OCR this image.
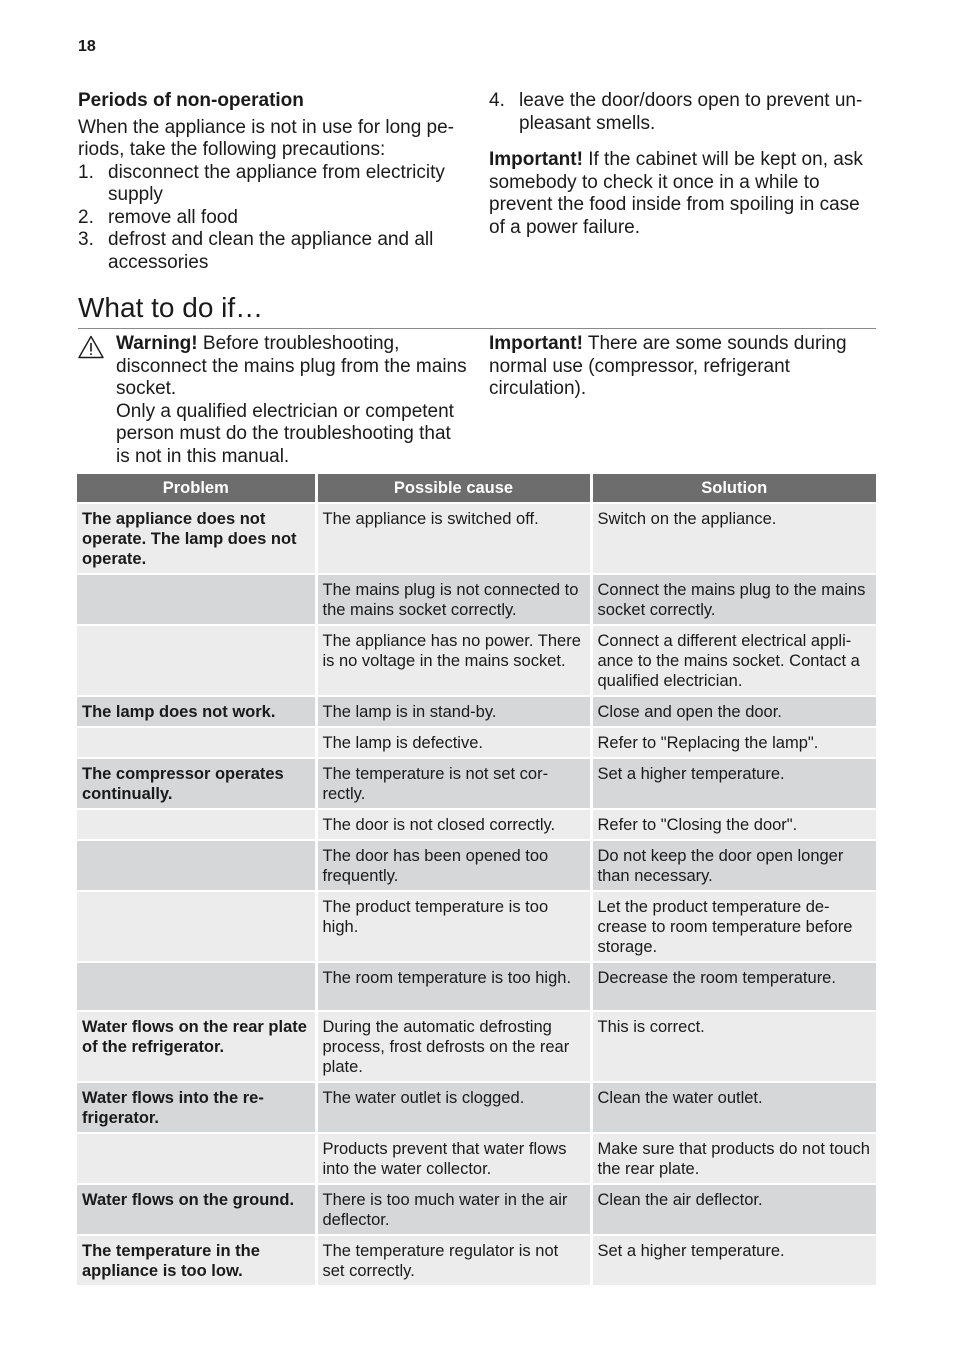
18
Periods of non-operation

When the appliance is not in use for long pe- riods, take the following precautions:

1. disconnect the appliance from electricity supply
2. remove all food
3. defrost and clean the appliance and all accessories
4. leave the door/doors open to prevent un- pleasant smells.

Important! If the cabinet will be kept on, ask somebody to check it once in a while to prevent the food inside from spoiling in case of a power failure.

What to do if…

Warning! Before troubleshooting, disconnect the mains plug from the mains socket.

Only a qualified electrician or competent person must do the troubleshooting that is not in this manual.

Important! There are some sounds during normal use (compressor, refrigerant circulation).

Problem	Possible cause	Solution
The appliance does not operate. The lamp does not operate.	The appliance is switched off.	Switch on the appliance.
	The mains plug is not connected to the mains socket correctly.	Connect the mains plug to the mains socket correctly.
	The appliance has no power. There is no voltage in the mains socket.	Connect a different electrical appli- ance to the mains socket. Contact a qualified electrician.
The lamp does not work.	The lamp is in stand-by.	Close and open the door.
	The lamp is defective.	Refer to "Replacing the lamp".
The compressor operates continually.	The temperature is not set cor- rectly.	Set a higher temperature.
	The door is not closed correctly.	Refer to "Closing the door".
	The door has been opened too frequently.	Do not keep the door open longer than necessary.
	The product temperature is too high.	Let the product temperature de- crease to room temperature before storage.
	The room temperature is too high.	Decrease the room temperature.
Water flows on the rear plate of the refrigerator.	During the automatic defrosting process, frost defrosts on the rear plate.	This is correct.
Water flows into the re- frigerator.	The water outlet is clogged.	Clean the water outlet.
	Products prevent that water flows into the water collector.	Make sure that products do not touch the rear plate.
Water flows on the ground.	There is too much water in the air deflector.	Clean the air deflector.
The temperature in the appliance is too low.	The temperature regulator is not set correctly.	Set a higher temperature.
